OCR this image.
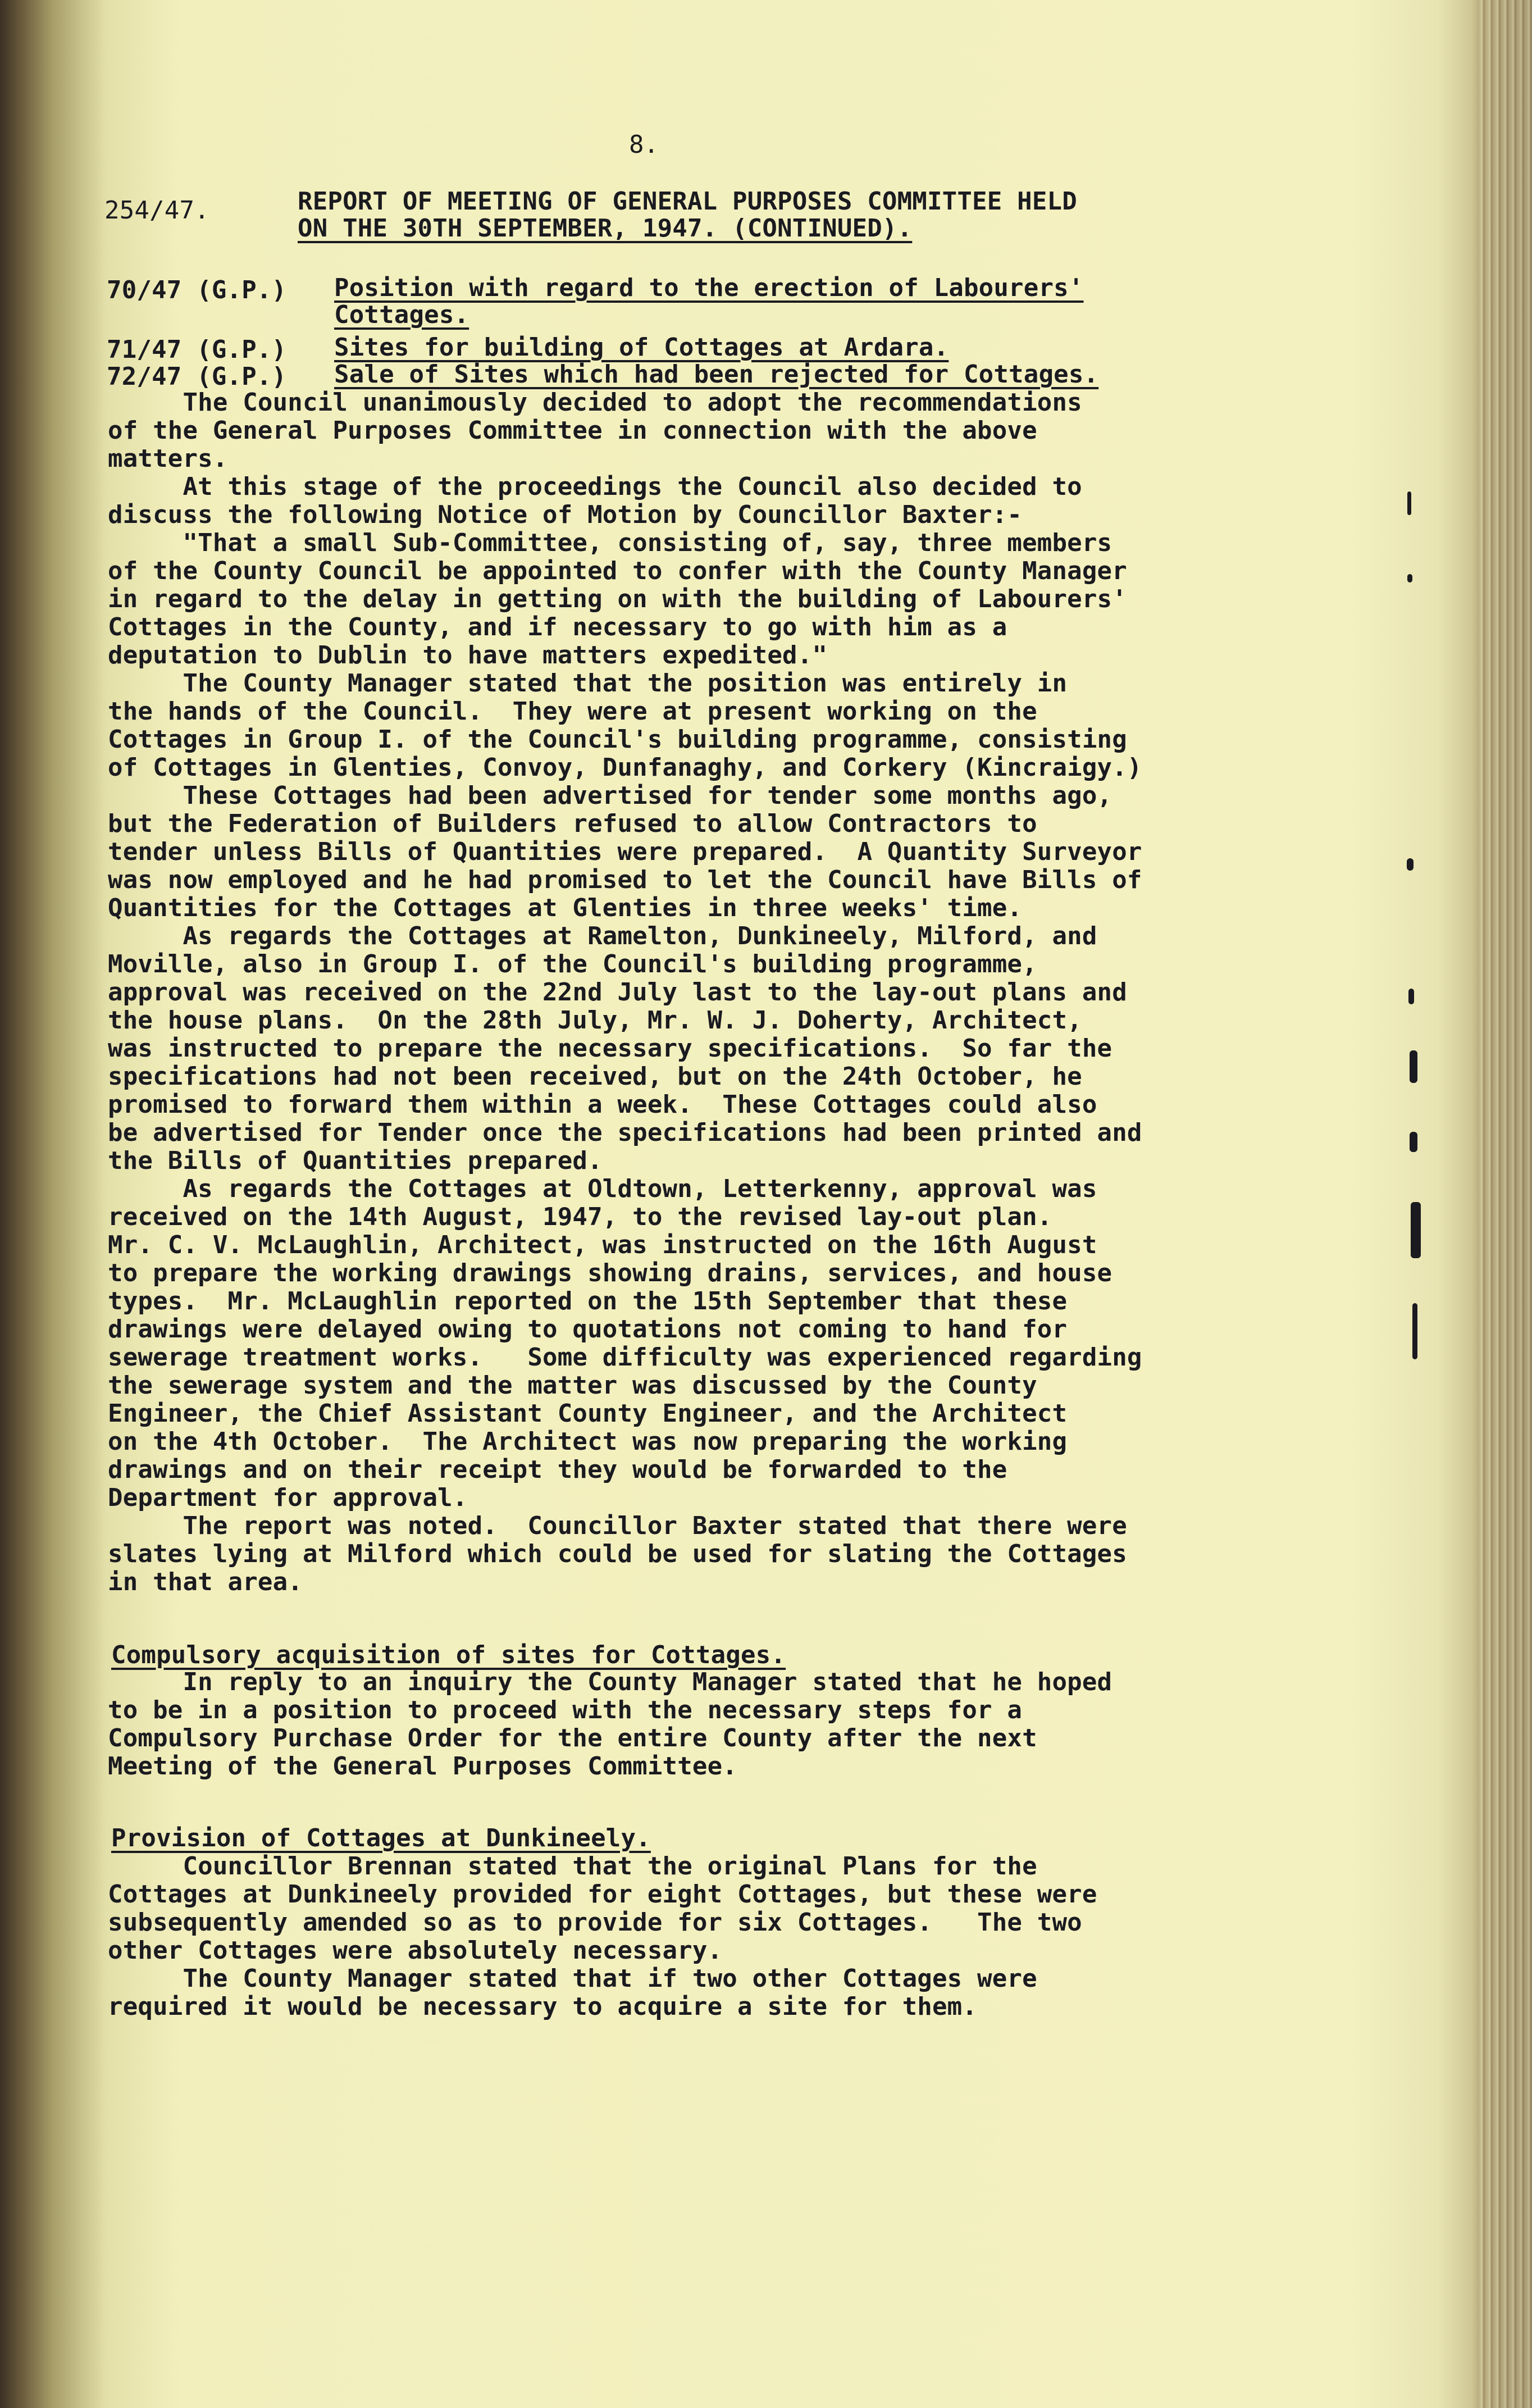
8.
254/47.	REPORT OF MEETING OF GENERAL PURPOSES COMMITTEE HELD
ON THE 30TH SEPTEMBER, 1947. (CONTINUED).
70/47 (G.P.) Position with regard to the erection of Labourers'
Cottages.
71/47 (G.P.) Sites for building of Cottages at Ardara.
72/47 (G.P.) Sale of Sites which had been rejected for Cottages.
The Council unanimously decided to adopt the recommendations
of the General Purposes Committee in connection with the above
matters.
At this stage of the proceedings the Council also decided to
discuss the following Notice of Motion by Councillor Baxter:-
"That a small Sub-Committee, consisting of, say, three members
of the County Council be appointed to confer with the County Manager
in regard to the delay in getting on with the building of Labourers'
Cottages in the County, and if necessary to go with him as a
deputation to Dublin to have matters expedited."
The County Manager stated that the position was entirely in
the hands of the Council.  They were at present working on the
Cottages in Group I. of the Council's building programme, consisting
of Cottages in Glenties, Convoy, Dunfanaghy, and Corkery (Kincraigy.)
These Cottages had been advertised for tender some months ago,
but the Federation of Builders refused to allow Contractors to
tender unless Bills of Quantities were prepared.  A Quantity Surveyor
was now employed and he had promised to let the Council have Bills of
Quantities for the Cottages at Glenties in three weeks' time.
As regards the Cottages at Ramelton, Dunkineely, Milford, and
Moville, also in Group I. of the Council's building programme,
approval was received on the 22nd July last to the lay-out plans and
the house plans.  On the 28th July, Mr. W. J. Doherty, Architect,
was instructed to prepare the necessary specifications.  So far the
specifications had not been received, but on the 24th October, he
promised to forward them within a week.  These Cottages could also
be advertised for Tender once the specifications had been printed and
the Bills of Quantities prepared.
As regards the Cottages at Oldtown, Letterkenny, approval was
received on the 14th August, 1947, to the revised lay-out plan.
Mr. C. V. McLaughlin, Architect, was instructed on the 16th August
to prepare the working drawings showing drains, services, and house
types.  Mr. McLaughlin reported on the 15th September that these
drawings were delayed owing to quotations not coming to hand for
sewerage treatment works.   Some difficulty was experienced regarding
the sewerage system and the matter was discussed by the County
Engineer, the Chief Assistant County Engineer, and the Architect
on the 4th October.  The Architect was now preparing the working
drawings and on their receipt they would be forwarded to the
Department for approval.
The report was noted.  Councillor Baxter stated that there were
slates lying at Milford which could be used for slating the Cottages
in that area.
Compulsory acquisition of sites for Cottages.
In reply to an inquiry the County Manager stated that he hoped
to be in a position to proceed with the necessary steps for a
Compulsory Purchase Order for the entire County after the next
Meeting of the General Purposes Committee.
Provision of Cottages at Dunkineely.
Councillor Brennan stated that the original Plans for the
Cottages at Dunkineely provided for eight Cottages, but these were
subsequently amended so as to provide for six Cottages.   The two
other Cottages were absolutely necessary.
The County Manager stated that if two other Cottages were
required it would be necessary to acquire a site for them.
